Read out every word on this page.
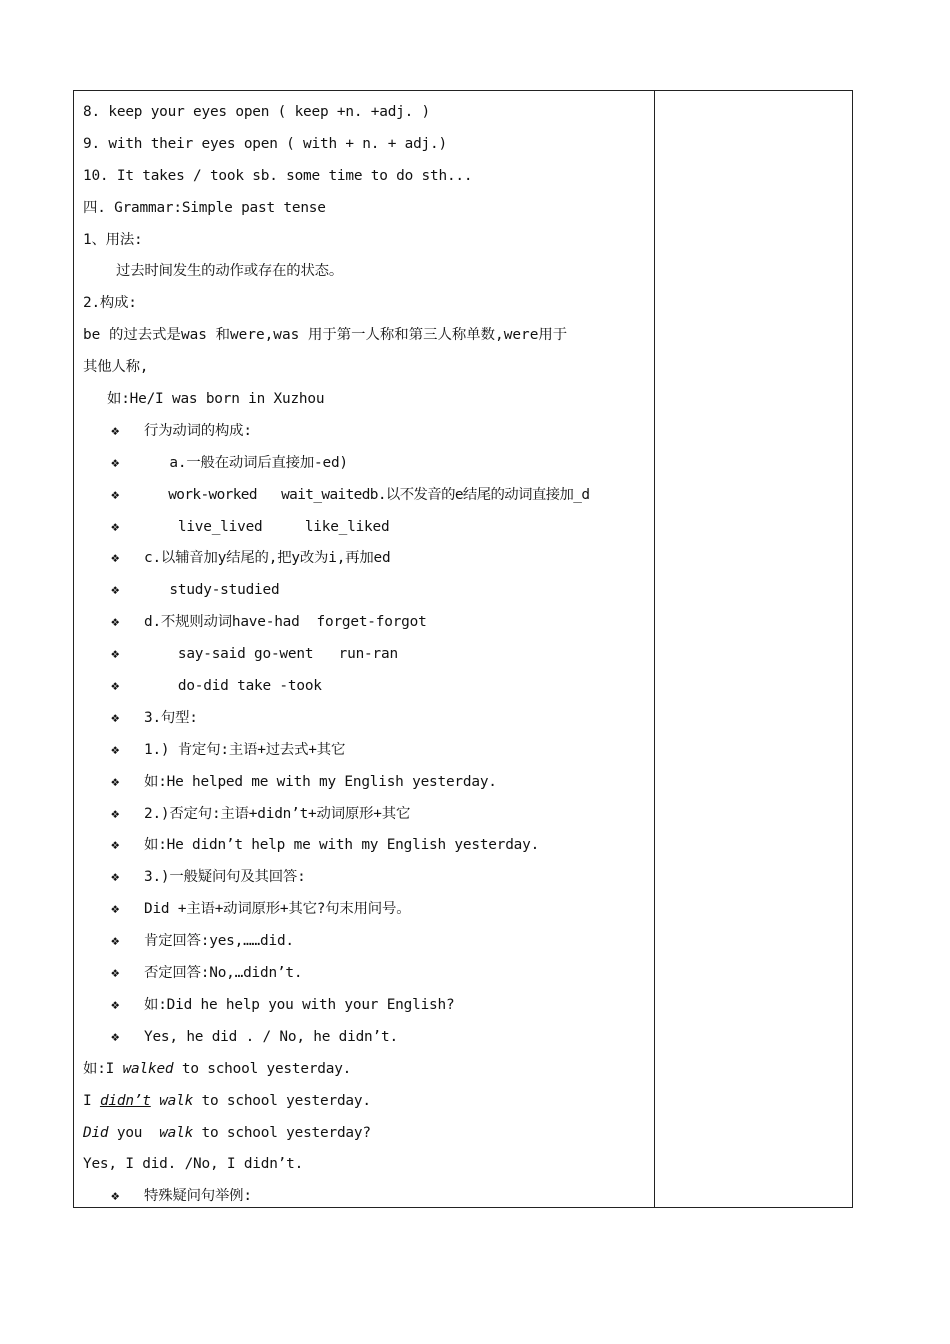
8. keep your eyes open ( keep +n. +adj. )
9. with their eyes open ( with + n. + adj.)
10. It takes / took sb. some time to do sth...
四. Grammar:Simple past tense
1、用法:
过去时间发生的动作或存在的状态。
2.构成:
be 的过去式是was 和were,was 用于第一人称和第三人称单数,were用于
其他人称,
如:He/I was born in Xuzhou
❖ 行为动词的构成:
❖   a.一般在动词后直接加-ed)
❖   work-worked   wait_waitedb.以不发音的e结尾的动词直接加_d
❖    live_lived     like_liked
❖ c.以辅音加y结尾的,把y改为i,再加ed
❖   study-studied
❖ d.不规则动词have-had  forget-forgot
❖    say-said go-went   run-ran
❖    do-did take -took
❖ 3.句型:
❖ 1.) 肯定句:主语+过去式+其它
❖ 如:He helped me with my English yesterday.
❖ 2.)否定句:主语+didn’t+动词原形+其它
❖ 如:He didn’t help me with my English yesterday.
❖ 3.)一般疑问句及其回答:
❖ Did +主语+动词原形+其它?句末用问号。
❖ 肯定回答:yes,……did.
❖ 否定回答:No,…didn’t.
❖ 如:Did he help you with your English?
❖ Yes, he did . / No, he didn’t.
如:I walked to school yesterday.
I didn’t walk to school yesterday.
Did you  walk to school yesterday?
Yes, I did. /No, I didn’t.
❖ 特殊疑问句举例:
